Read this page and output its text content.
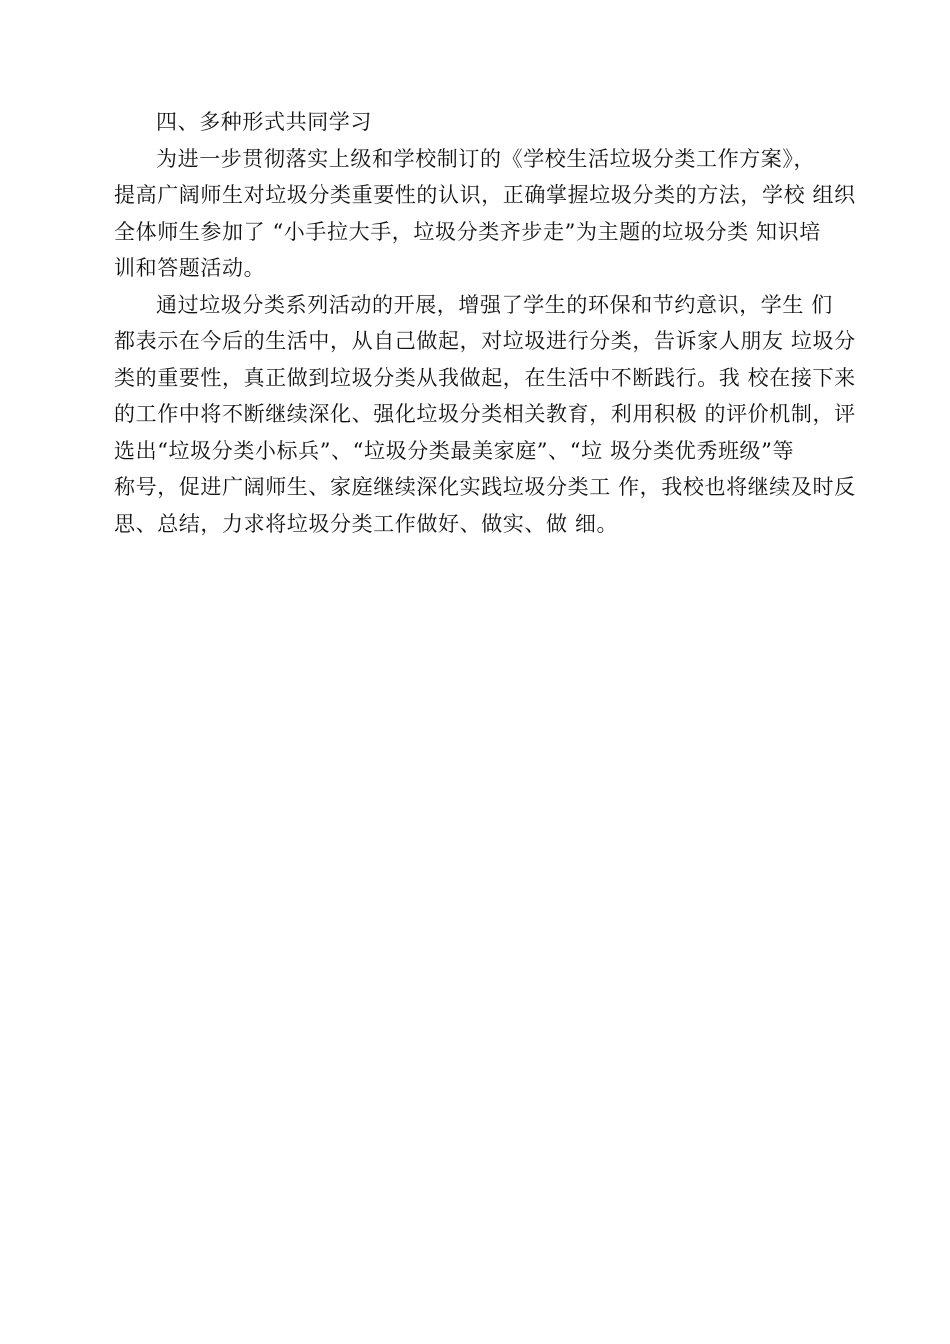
四、多种形式共同学习
为进一步贯彻落实上级和学校制订的《学校生活垃圾分类工作方案》，
提高广阔师生对垃圾分类重要性的认识，正确掌握垃圾分类的方法，学校 组织
全体师生参加了 “小手拉大手，垃圾分类齐步走”为主题的垃圾分类 知识培
训和答题活动。
通过垃圾分类系列活动的开展，增强了学生的环保和节约意识，学生 们
都表示在今后的生活中，从自己做起，对垃圾进行分类，告诉家人朋友 垃圾分
类的重要性，真正做到垃圾分类从我做起，在生活中不断践行。我 校在接下来
的工作中将不断继续深化、强化垃圾分类相关教育，利用积极 的评价机制，评
选出“垃圾分类小标兵”、“垃圾分类最美家庭”、“垃 圾分类优秀班级”等
称号，促进广阔师生、家庭继续深化实践垃圾分类工 作，我校也将继续及时反
思、总结，力求将垃圾分类工作做好、做实、做 细。
